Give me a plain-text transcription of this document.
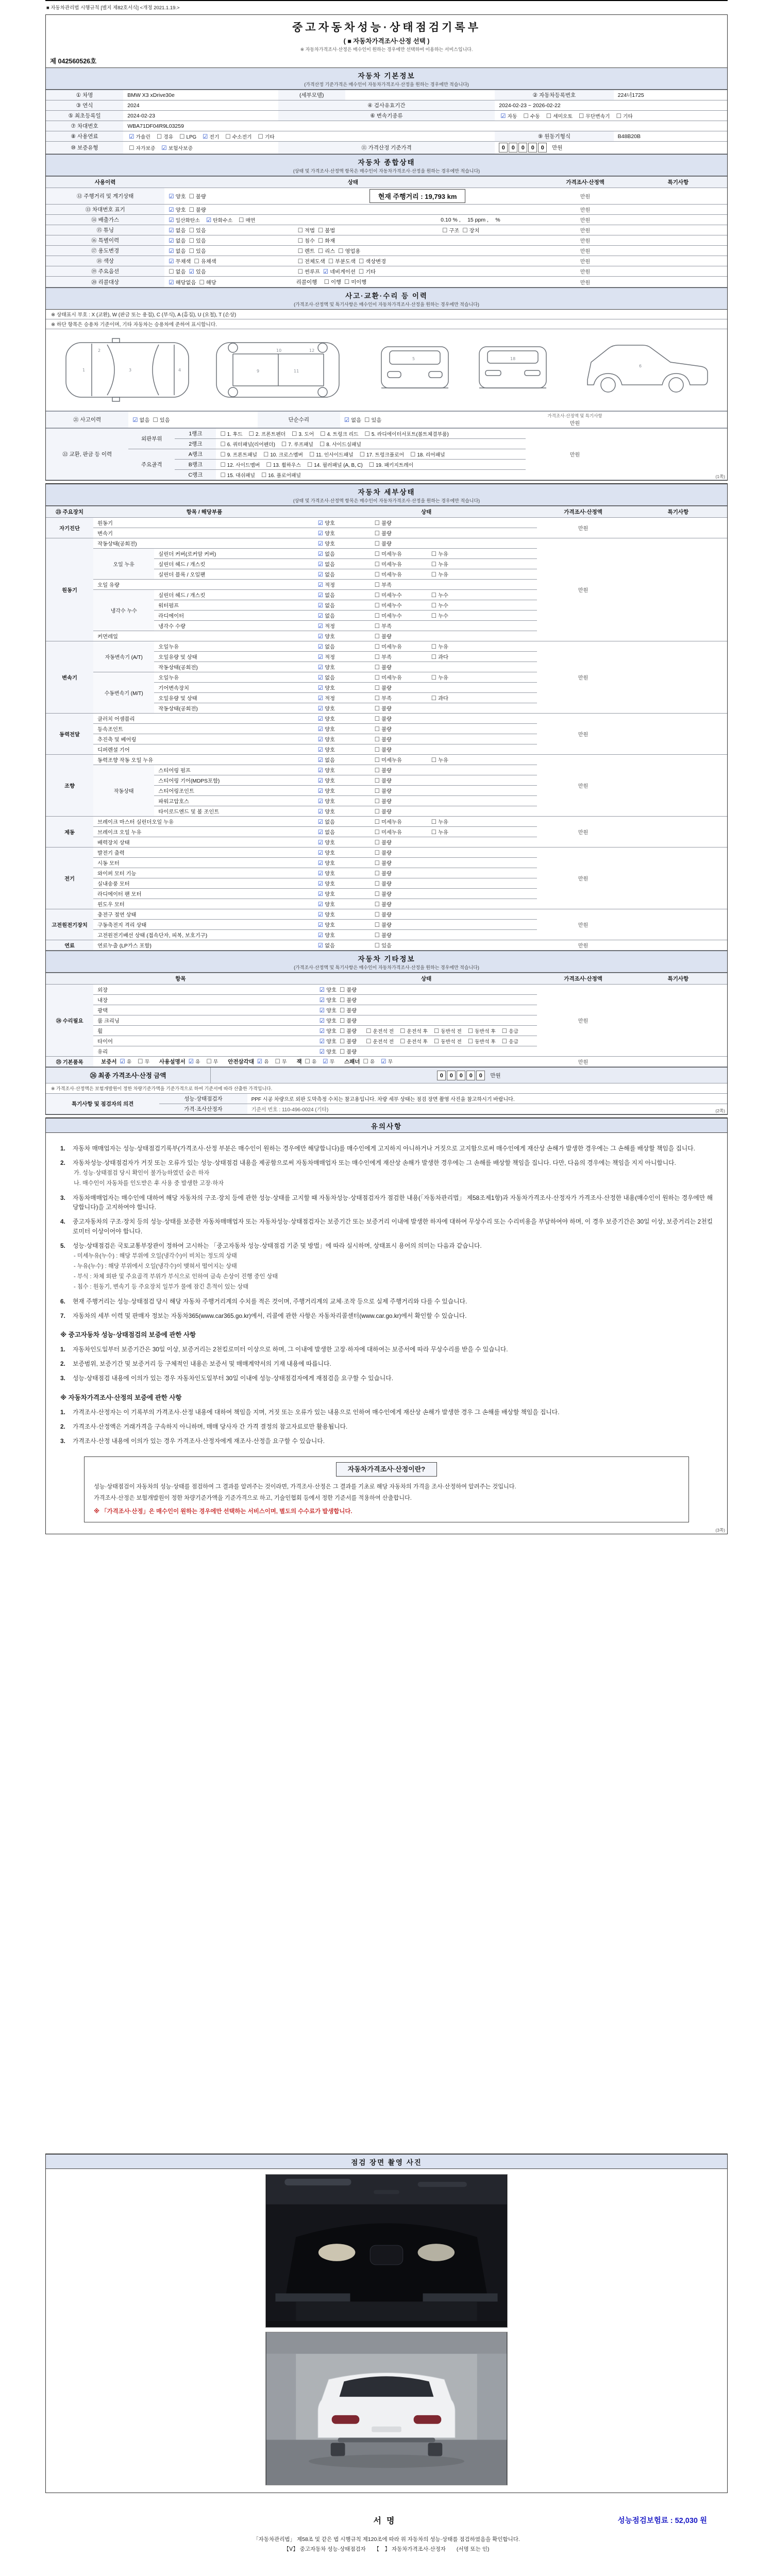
■ 자동차관리법 시행규칙 [별지 제82호서식] <개정 2021.1.19.>
중고자동차성능·상태점검기록부
( ■ 자동차가격조사·산정 선택 )
※ 자동차가격조사·산정은 매수인이 원하는 경우에만 선택하여 이용하는 서비스입니다.
제 042560526호
자동차 기본정보
(가격산정 기준가격은 매수인이 자동차가격조사·산정을 원하는 경우에만 적습니다)
① 차명	BMW X3 xDrive30e	(세부모델)		② 자동차등록번호	224너1725
③ 연식	2024	④ 검사유효기간		2024-02-23 ~ 2026-02-22	
⑤ 최초등록일	2024-02-23	⑥ 변속기종류		☑ 자동 ☐ 수동 ☐ 세미오토 ☐ 무단변속기 ☐ 기타	
⑦ 차대번호	WBA71DF04R9L03259				
⑧ 사용연료	☑ 가솔린 ☐ 경유 ☐ LPG ☑ 전기 ☐ 수소전기 ☐ 기타			⑨ 원동기형식	B48B20B
⑩ 보증유형	☐ 자가보증 ☑ 보험사보증	⑪ 가격산정 기준가격		0 0 0 0 0 만원	
자동차 종합상태
(상태 및 가격조사·산정액 항목은 매수인이 자동차가격조사·산정을 원하는 경우에만 적습니다)
사용이력	상태			가격조사·산정액	특기사항
⑫ 주행거리 및 계기상태	☑ 양호 ☐ 불량	현재 주행거리 : 19,793 km		만원	
⑬ 차대번호 표기	☑ 양호 ☐ 불량			만원	
⑭ 배출가스	☑ 일산화탄소 ☑ 탄화수소 ☐ 매연		0.10 % ,　 15 ppm ,　 %	만원	
⑮ 튜닝	☑ 없음 ☐ 있음	☐ 적법 ☐ 불법	☐ 구조 ☐ 장치	만원	
⑯ 특별이력	☑ 없음 ☐ 있음	☐ 침수 ☐ 화재		만원	
⑰ 용도변경	☑ 없음 ☐ 있음	☐ 렌트 ☐ 리스 ☐ 영업용		만원	
⑱ 색상	☑ 무채색 ☐ 유채색	☐ 전체도색 ☐ 부분도색 ☐ 색상변경		만원	
⑲ 주요옵션	☐ 없음 ☑ 있음	☐ 썬루프 ☑ 네비게이션 ☐ 기타		만원	
⑳ 리콜대상	☑ 해당없음 ☐ 해당	리콜이행　 ☐ 이행 ☐ 미이행		만원	
사고·교환·수리 등 이력
(가격조사·산정액 및 특기사항은 매수인이 자동차가격조사·산정을 원하는 경우에만 적습니다)
※ 상태표시 부호 : X (교환), W (판금 또는 용접), C (부식), A (흠집), U (요철), T (손상)
※ 하단 항목은 승용차 기준이며, 기타 자동차는 승용차에 준하여 표시합니다.
1
2
3	4	9
10
11
12
5	18
6
㉑ 사고이력	☑ 없음 ☐ 있음	단순수리	☑ 없음 ☐ 있음	
가격조사·산정액 및 특기사항
만원

㉒ 교환, 판금 등 이력	외판부위	1랭크	☐ 1. 후드 ☐ 2. 프론트펜더 ☐ 3. 도어 ☐ 4. 트렁크 리드 ☐ 5. 라디에이터서포트(볼트체결부품)	만원	
		2랭크	☐ 6. 쿼터패널(리어펜더) ☐ 7. 루프패널 ☐ 8. 사이드실패널		
	주요골격	A랭크	☐ 9. 프론트패널 ☐ 10. 크로스멤버 ☐ 11. 인사이드패널 ☐ 17. 트렁크플로어 ☐ 18. 리어패널		
		B랭크	☐ 12. 사이드멤버 ☐ 13. 휠하우스 ☐ 14. 필러패널 (A, B, C) ☐ 19. 패키지트레이		
		C랭크	☐ 15. 대쉬패널 ☐ 16. 플로어패널			(1쪽)
자동차 세부상태
(상태 및 가격조사·산정액 항목은 매수인이 자동차가격조사·산정을 원하는 경우에만 적습니다)
㉓ 주요장치	항목 / 해당부품		상태	가격조사·산정액	특기사항
자기진단	원동기		☑ 양호 ☐ 불량	만원	
	변속기		☑ 양호 ☐ 불량		
원동기	작동상태(공회전)		☑ 양호 ☐ 불량	만원	
	오일 누유	실린더 커버(로커암 커버)	☑ 없음 ☐ 미세누유 ☐ 누유		
		실린더 헤드 / 개스킷	☑ 없음 ☐ 미세누유 ☐ 누유		
		실린더 블록 / 오일팬	☑ 없음 ☐ 미세누유 ☐ 누유		
	오일 유량		☑ 적정 ☐ 부족		
	냉각수 누수	실린더 헤드 / 개스킷	☑ 없음 ☐ 미세누수 ☐ 누수		
		워터펌프	☑ 없음 ☐ 미세누수 ☐ 누수		
		라디에이터	☑ 없음 ☐ 미세누수 ☐ 누수		
		냉각수 수량	☑ 적정 ☐ 부족		
	커먼레일		☑ 양호 ☐ 불량		
변속기	자동변속기 (A/T)	오일누유	☑ 없음 ☐ 미세누유 ☐ 누유	만원	
		오일유량 및 상태	☑ 적정 ☐ 부족 ☐ 과다		
		작동상태(공회전)	☑ 양호 ☐ 불량		
	수동변속기 (M/T)	오일누유	☑ 없음 ☐ 미세누유 ☐ 누유		
		기어변속장치	☑ 양호 ☐ 불량		
		오일유량 및 상태	☑ 적정 ☐ 부족 ☐ 과다		
		작동상태(공회전)	☑ 양호 ☐ 불량		
동력전달	클러치 어셈블리		☑ 양호 ☐ 불량	만원	
	등속조인트		☑ 양호 ☐ 불량		
	추진축 및 베어링		☑ 양호 ☐ 불량		
	디퍼렌셜 기어		☑ 양호 ☐ 불량		
조향	동력조향 작동 오일 누유		☑ 없음 ☐ 미세누유 ☐ 누유	만원	
	작동상태	스티어링 펌프	☑ 양호 ☐ 불량		
		스티어링 기어(MDPS포함)	☑ 양호 ☐ 불량		
		스티어링조인트	☑ 양호 ☐ 불량		
		파워고압호스	☑ 양호 ☐ 불량		
		타이로드엔드 및 볼 조인트	☑ 양호 ☐ 불량		
제동	브레이크 마스터 실린더오일 누유		☑ 없음 ☐ 미세누유 ☐ 누유	만원	
	브레이크 오일 누유		☑ 없음 ☐ 미세누유 ☐ 누유		
	배력장치 상태		☑ 양호 ☐ 불량		
전기	발전기 출력		☑ 양호 ☐ 불량	만원	
	시동 모터		☑ 양호 ☐ 불량		
	와이퍼 모터 기능		☑ 양호 ☐ 불량		
	실내송풍 모터		☑ 양호 ☐ 불량		
	라디에이터 팬 모터		☑ 양호 ☐ 불량		
	윈도우 모터		☑ 양호 ☐ 불량		
고전원전기장치	충전구 절연 상태		☑ 양호 ☐ 불량	만원	
	구동축전지 격리 상태		☑ 양호 ☐ 불량		
	고전원전기배선 상태 (접속단자, 피복, 보호기구)		☑ 양호 ☐ 불량		
연료	연료누출 (LP가스 포함)		☑ 없음 ☐ 있음	만원	
자동차 기타정보
(가격조사·산정액 및 특기사항은 매수인이 자동차가격조사·산정을 원하는 경우에만 적습니다)
항목		상태	가격조사·산정액	특기사항
㉔ 수리필요	외장	☑ 양호 ☐ 불량	만원	
	내장	☑ 양호 ☐ 불량		
	광택	☑ 양호 ☐ 불량		
	룸 크리닝	☑ 양호 ☐ 불량		
	휠	☑ 양호 ☐ 불량 ☐ 운전석 전 ☐ 운전석 후 ☐ 동반석 전 ☐ 동반석 후 ☐ 응급		
	타이어	☑ 양호 ☐ 불량 ☐ 운전석 전 ☐ 운전석 후 ☐ 동반석 전 ☐ 동반석 후 ☐ 응급		
	유리	☑ 양호 ☐ 불량		
㉕ 기본품목	보증서 ☑ 유 ☐ 무 사용설명서 ☑ 유 ☐ 무 안전삼각대 ☑ 유 ☐ 무 잭 ☐ 유 ☑ 무 스패너 ☐ 유 ☑ 무		만원	
㉖ 최종 가격조사·산정 금액	0 0 0 0 0 만원
※ 가격조사·산정액은 보험개발원이 정한 차량기준가액을 기준가격으로 하여 기준서에 따라 산출한 가격입니다.
특기사항 및 점검자의 의견	성능·상태점검자	PPF 시공 차량으로 외판 도막측정 수치는 참고용입니다. 차량 세부 상태는 점검 장면 촬영 사진을 참고하시기 바랍니다.
	가격·조사산정자	기준서 번호 : 110-496-0024 (기타)	(2쪽)
유의사항
1.	자동차 매매업자는 성능·상태점검기록부(가격조사·산정 부분은 매수인이 원하는 경우에만 해당합니다)를 매수인에게 고지하지 아니하거나 거짓으로 고지함으로써 매수인에게 재산상 손해가 발생한 경우에는 그 손해를 배상할 책임을 집니다.
2.	자동차성능·상태점검자가 거짓 또는 오류가 있는 성능·상태점검 내용을 제공함으로써 자동차매매업자 또는 매수인에게 재산상 손해가 발생한 경우에는 그 손해를 배상할 책임을 집니다. 다만, 다음의 경우에는 책임을 지지 아니합니다.
가. 성능·상태점검 당시 확인이 불가능하였던 숨은 하자
나. 매수인이 자동차를 인도받은 후 사용 중 발생한 고장·하자
3.	자동차매매업자는 매수인에 대하여 해당 자동차의 구조·장치 등에 관한 성능·상태를 고지할 때 자동차성능·상태점검자가 점검한 내용(「자동차관리법」 제58조제1항)과 자동차가격조사·산정자가 가격조사·산정한 내용(매수인이 원하는 경우에만 해당합니다)을 고지하여야 합니다.
4.	중고자동차의 구조·장치 등의 성능·상태를 보증한 자동차매매업자 또는 자동차성능·상태점검자는 보증기간 또는 보증거리 이내에 발생한 하자에 대하여 무상수리 또는 수리비용을 부담하여야 하며, 이 경우 보증기간은 30일 이상, 보증거리는 2천킬로미터 이상이어야 합니다.
5.	성능·상태점검은 국토교통부장관이 정하여 고시하는 「중고자동차 성능·상태점검 기준 및 방법」에 따라 실시하며, 상태표시 용어의 의미는 다음과 같습니다.
- 미세누유(누수) : 해당 부위에 오일(냉각수)이 비치는 정도의 상태
- 누유(누수) : 해당 부위에서 오일(냉각수)이 맺혀서 떨어지는 상태
- 부식 : 차체 외판 및 주요골격 부위가 부식으로 인하여 금속 손상이 진행 중인 상태
- 침수 : 원동기, 변속기 등 주요장치 일부가 물에 잠긴 흔적이 있는 상태
6.	현재 주행거리는 성능·상태점검 당시 해당 자동차 주행거리계의 수치를 적은 것이며, 주행거리계의 교체·조작 등으로 실제 주행거리와 다를 수 있습니다.
7.	자동차의 세부 이력 및 판매자 정보는 자동차365(www.car365.go.kr)에서, 리콜에 관한 사항은 자동차리콜센터(www.car.go.kr)에서 확인할 수 있습니다.
※ 중고자동차 성능·상태점검의 보증에 관한 사항
1.	자동차인도일부터 보증기간은 30일 이상, 보증거리는 2천킬로미터 이상으로 하며, 그 이내에 발생한 고장·하자에 대하여는 보증서에 따라 무상수리를 받을 수 있습니다.
2.	보증범위, 보증기간 및 보증거리 등 구체적인 내용은 보증서 및 매매계약서의 기재 내용에 따릅니다.
3.	성능·상태점검 내용에 이의가 있는 경우 자동차인도일부터 30일 이내에 성능·상태점검자에게 재점검을 요구할 수 있습니다.
※ 자동차가격조사·산정의 보증에 관한 사항
1.	가격조사·산정자는 이 기록부의 가격조사·산정 내용에 대하여 책임을 지며, 거짓 또는 오류가 있는 내용으로 인하여 매수인에게 재산상 손해가 발생한 경우 그 손해를 배상할 책임을 집니다.
2.	가격조사·산정액은 거래가격을 구속하지 아니하며, 매매 당사자 간 가격 결정의 참고자료로만 활용됩니다.
3.	가격조사·산정 내용에 이의가 있는 경우 가격조사·산정자에게 재조사·산정을 요구할 수 있습니다.
자동차가격조사·산정이란?
성능·상태점검이 자동차의 성능·상태를 점검하여 그 결과를 알려주는 것이라면, 가격조사·산정은 그 결과를 기초로 해당 자동차의 가격을 조사·산정하여 알려주는 것입니다.
가격조사·산정은 보험개발원이 정한 차량기준가액을 기준가격으로 하고, 기술인협회 등에서 정한 기준서를 적용하여 산출합니다.
※ 「가격조사·산정」은 매수인이 원하는 경우에만 선택하는 서비스이며, 별도의 수수료가 발생합니다.
(3쪽)
점검 장면 촬영 사진
서명	성능점검보험료 : 52,030 원
「자동차관리법」 제58조 및 같은 법 시행규칙 제120조에 따라 위 자동차의 성능·상태를 점검하였음을 확인합니다.
【Ⅴ】 중고자동차 성능·상태점검자　　【　】 자동차가격조사·산정자　　(서명 또는 인)
